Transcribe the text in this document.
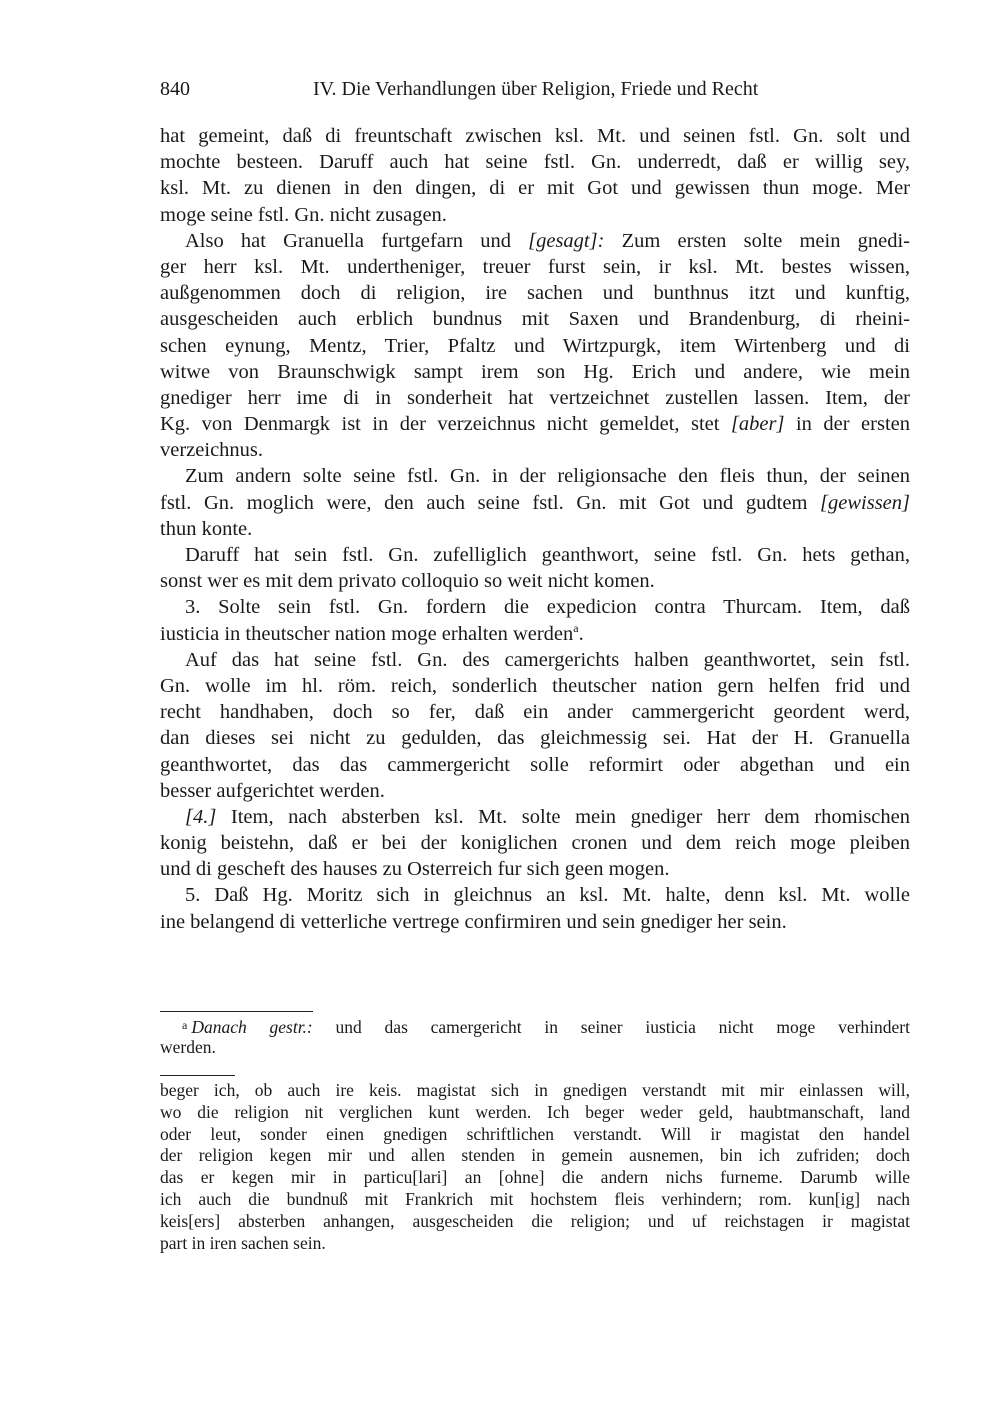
840	IV. Die Verhandlungen über Religion, Friede und Recht
hat gemeint, daß di freuntschaft zwischen ksl. Mt. und seinen fstl. Gn. solt und
mochte besteen. Daruff auch hat seine fstl. Gn. underredt, daß er willig sey,
ksl. Mt. zu dienen in den dingen, di er mit Got und gewissen thun moge. Mer
moge seine fstl. Gn. nicht zusagen.
Also hat Granuella furtgefarn und [gesagt]: Zum ersten solte mein gnedi-
ger herr ksl. Mt. undertheniger, treuer furst sein, ir ksl. Mt. bestes wissen,
außgenommen doch di religion, ire sachen und bunthnus itzt und kunftig,
ausgescheiden auch erblich bundnus mit Saxen und Brandenburg, di rheini-
schen eynung, Mentz, Trier, Pfaltz und Wirtzpurgk, item Wirtenberg und di
witwe von Braunschwigk sampt irem son Hg. Erich und andere, wie mein
gnediger herr ime di in sonderheit hat vertzeichnet zustellen lassen. Item, der
Kg. von Denmargk ist in der verzeichnus nicht gemeldet, stet [aber] in der ersten
verzeichnus.
Zum andern solte seine fstl. Gn. in der religionsache den fleis thun, der seinen
fstl. Gn. moglich were, den auch seine fstl. Gn. mit Got und gudtem [gewissen]
thun konte.
Daruff hat sein fstl. Gn. zufelliglich geanthwort, seine fstl. Gn. hets gethan,
sonst wer es mit dem privato colloquio so weit nicht komen.
3. Solte sein fstl. Gn. fordern die expedicion contra Thurcam. Item, daß
iusticia in theutscher nation moge erhalten werden$^a$.
Auf das hat seine fstl. Gn. des camergerichts halben geanthwortet, sein fstl.
Gn. wolle im hl. röm. reich, sonderlich theutscher nation gern helfen frid und
recht handhaben, doch so fer, daß ein ander cammergericht geordent werd,
dan dieses sei nicht zu gedulden, das gleichmessig sei. Hat der H. Granuella
geanthwortet, das das cammergericht solle reformirt oder abgethan und ein
besser aufgerichtet werden.
[4.] Item, nach absterben ksl. Mt. solte mein gnediger herr dem rhomischen
konig beistehn, daß er bei der koniglichen cronen und dem reich moge pleiben
und di gescheft des hauses zu Osterreich fur sich geen mogen.
5. Daß Hg. Moritz sich in gleichnus an ksl. Mt. halte, denn ksl. Mt. wolle
ine belangend di vetterliche vertrege confirmiren und sein gnediger her sein.
$^a$ Danach gestr.: und das camergericht in seiner iusticia nicht moge verhindert
werden.
beger ich, ob auch ire keis. magistat sich in gnedigen verstandt mit mir einlassen will,
wo die religion nit verglichen kunt werden. Ich beger weder geld, haubtmanschaft, land
oder leut, sonder einen gnedigen schriftlichen verstandt. Will ir magistat den handel
der religion kegen mir und allen stenden in gemein ausnemen, bin ich zufriden; doch
das er kegen mir in particu[lari] an [ohne] die andern nichs furneme. Darumb wille
ich auch die bundnuß mit Frankrich mit hochstem fleis verhindern; rom. kun[ig] nach
keis[ers] absterben anhangen, ausgescheiden die religion; und uf reichstagen ir magistat
part in iren sachen sein.
